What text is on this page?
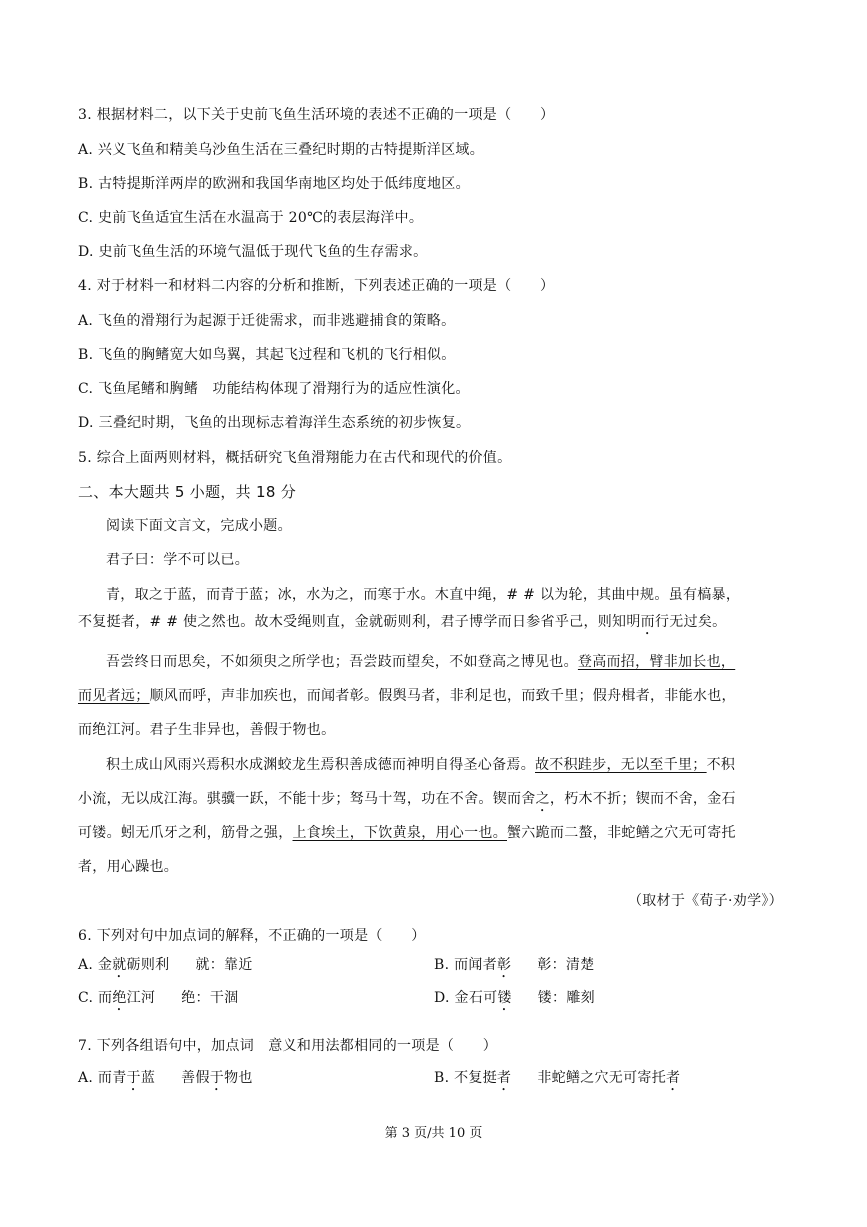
3. 根据材料二，以下关于史前飞鱼生活环境的表述不正确的一项是（　　）
A. 兴义飞鱼和精美乌沙鱼生活在三叠纪时期的古特提斯洋区域。
B. 古特提斯洋两岸的欧洲和我国华南地区均处于低纬度地区。
C. 史前飞鱼适宜生活在水温高于 20℃的表层海洋中。
D. 史前飞鱼生活的环境气温低于现代飞鱼的生存需求。
4. 对于材料一和材料二内容的分析和推断，下列表述正确的一项是（　　）
A. 飞鱼的滑翔行为起源于迁徙需求，而非逃避捕食的策略。
B. 飞鱼的胸鳍宽大如鸟翼，其起飞过程和飞机的飞行相似。
C. 飞鱼尾鳍和胸鳍　功能结构体现了滑翔行为的适应性演化。
D. 三叠纪时期，飞鱼的出现标志着海洋生态系统的初步恢复。
5. 综合上面两则材料，概括研究飞鱼滑翔能力在古代和现代的价值。
二、本大题共 5 小题，共 18 分
阅读下面文言文，完成小题。
君子曰：学不可以已。
青，取之于蓝，而青于蓝；冰，水为之，而寒于水。木直中绳，# # 以为轮，其曲中规。虽有槁暴，
不复挺者，# # 使之然也。故木受绳则直，金就砺则利，君子博学而日参省乎己，则知明而行无过矣。
吾尝终日而思矣，不如须臾之所学也；吾尝跂而望矣，不如登高之博见也。登高而招，臂非加长也，
而见者远；顺风而呼，声非加疾也，而闻者彰。假舆马者，非利足也，而致千里；假舟楫者，非能水也，
而绝江河。君子生非异也，善假于物也。
积土成山风雨兴焉积水成渊蛟龙生焉积善成德而神明自得圣心备焉。故不积跬步，无以至千里；不积
小流，无以成江海。骐骥一跃，不能十步；驽马十驾，功在不舍。锲而舍之，朽木不折；锲而不舍，金石
可镂。蚓无爪牙之利，筋骨之强，上食埃土，下饮黄泉，用心一也。蟹六跪而二螯，非蛇鳝之穴无可寄托
者，用心躁也。
（取材于《荀子·劝学》）
6. 下列对句中加点词的解释，不正确的一项是（　　）
A. 金就砺则利 就：靠近	B. 而闻者彰 彰：清楚
C. 而绝江河 绝：干涸	D. 金石可镂 镂：雕刻
7. 下列各组语句中，加点词　意义和用法都相同的一项是（　　）
A. 而青于蓝 善假于物也	B. 不复挺者 非蛇鳝之穴无可寄托者
第 3 页/共 10 页
